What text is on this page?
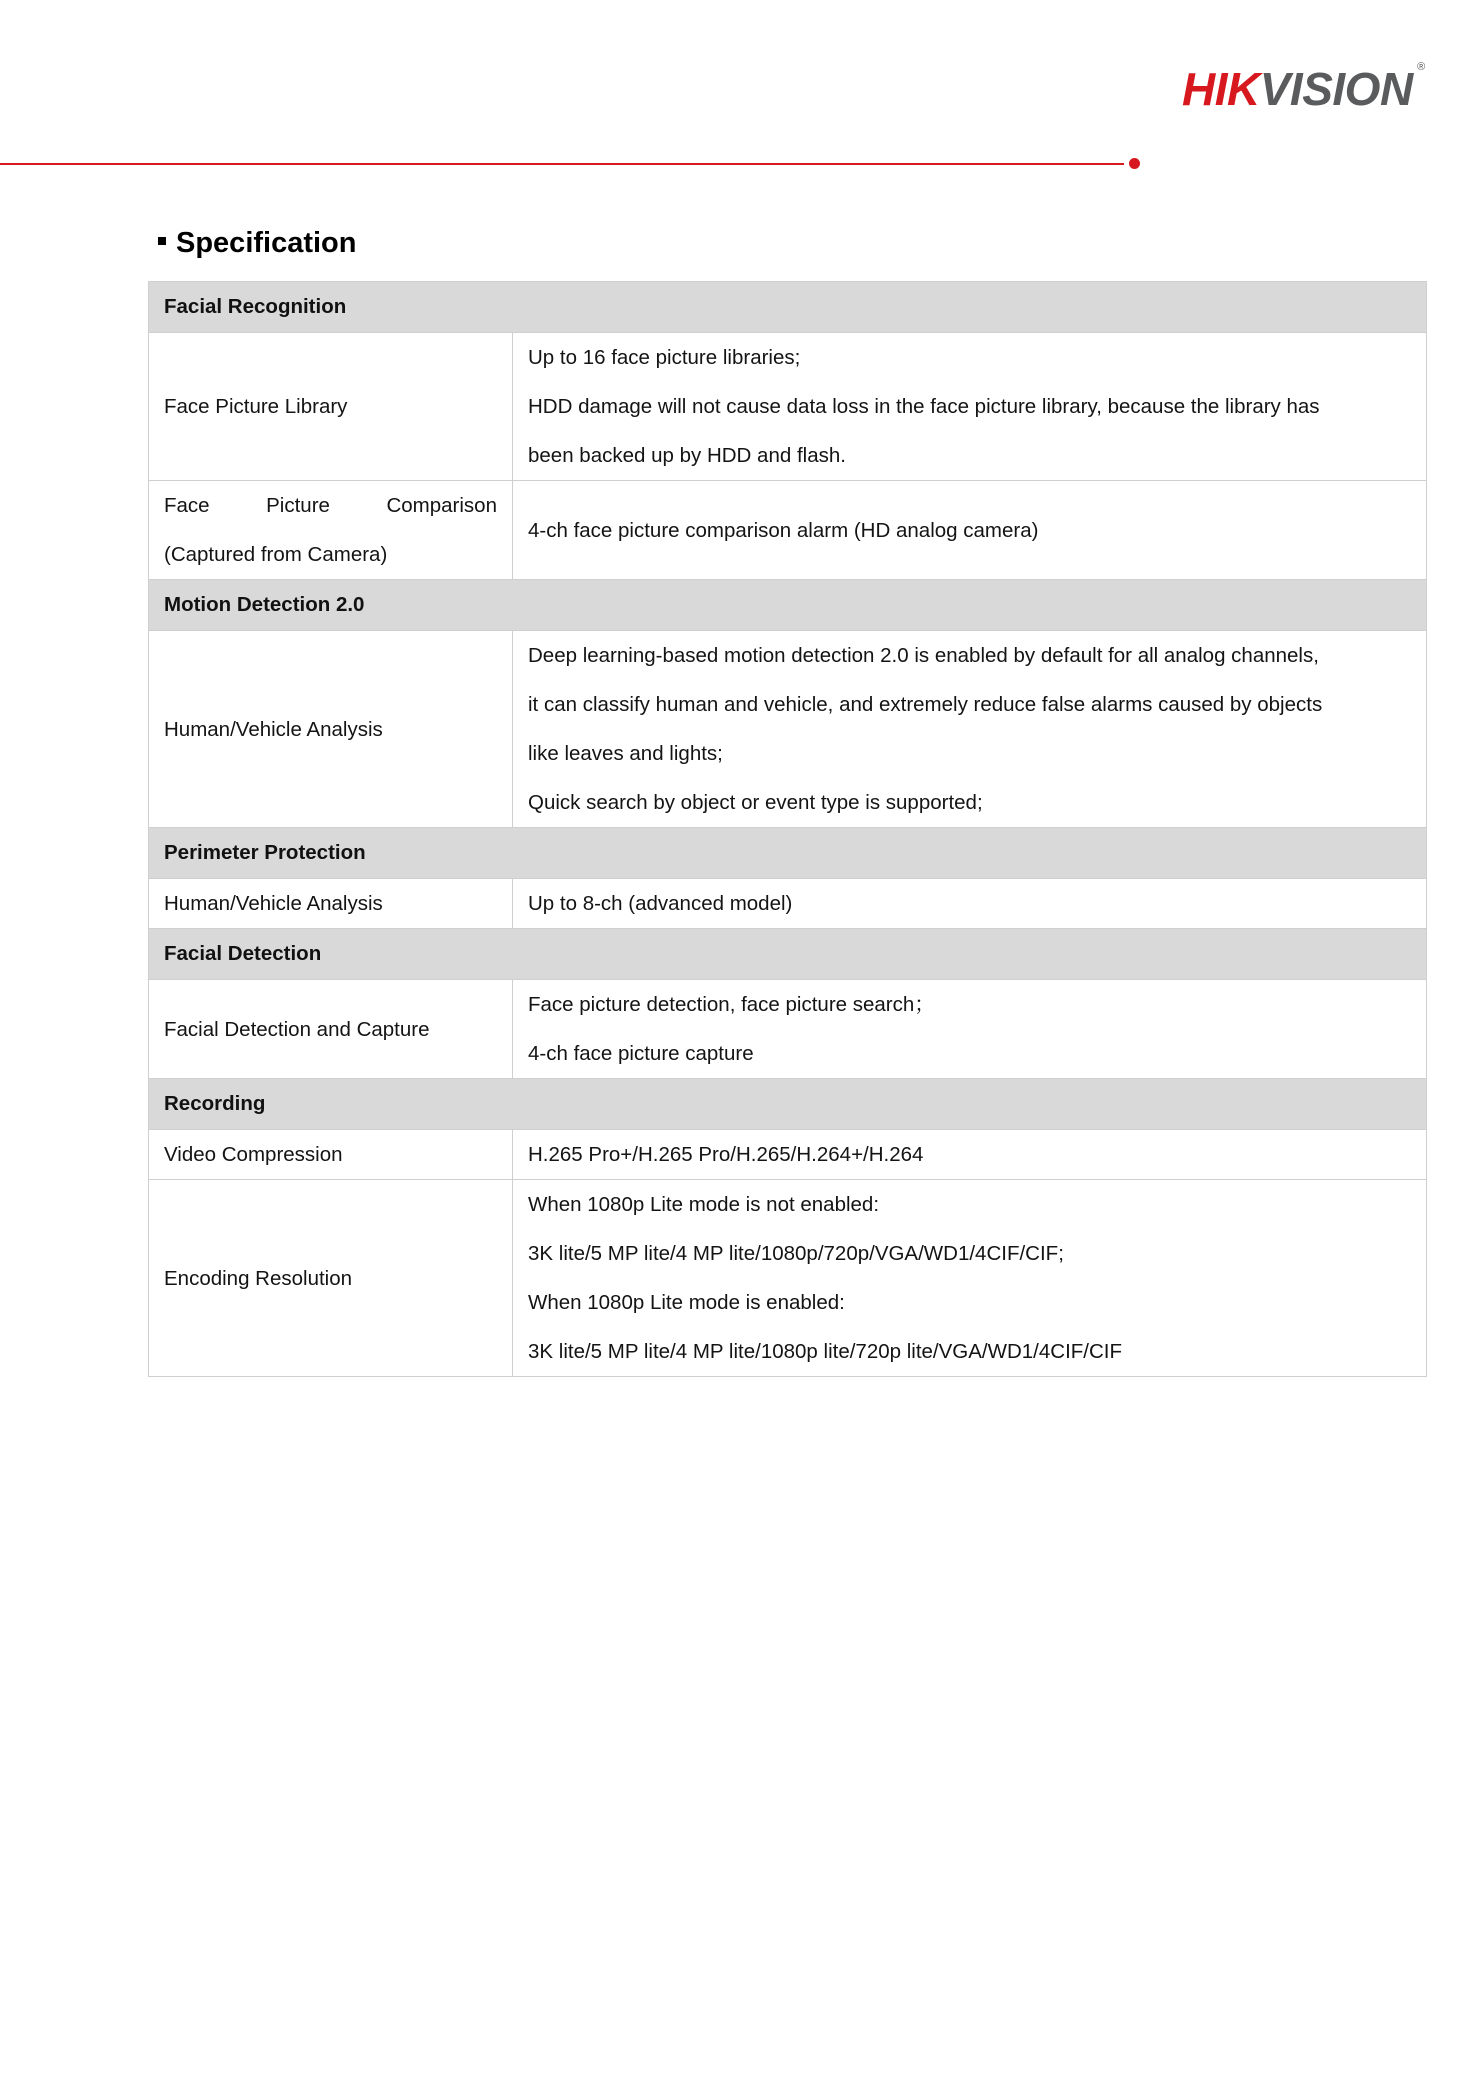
HIKVISION ®
Specification
Facial Recognition	

Face Picture Library	Up to 16 face picture libraries;
HDD damage will not cause data loss in the face picture library, because the library has
been backed up by HDD and flash.

Face Picture Comparison
(Captured from Camera)	4-ch face picture comparison alarm (HD analog camera)

Motion Detection 2.0	

Human/Vehicle Analysis	Deep learning-based motion detection 2.0 is enabled by default for all analog channels,
it can classify human and vehicle, and extremely reduce false alarms caused by objects
like leaves and lights;
Quick search by object or event type is supported;

Perimeter Protection	

Human/Vehicle Analysis	Up to 8-ch (advanced model)

Facial Detection	

Facial Detection and Capture	Face picture detection, face picture search；
4-ch face picture capture

Recording	

Video Compression	H.265 Pro+/H.265 Pro/H.265/H.264+/H.264

Encoding Resolution	When 1080p Lite mode is not enabled:
3K lite/5 MP lite/4 MP lite/1080p/720p/VGA/WD1/4CIF/CIF;
When 1080p Lite mode is enabled:
3K lite/5 MP lite/4 MP lite/1080p lite/720p lite/VGA/WD1/4CIF/CIF
